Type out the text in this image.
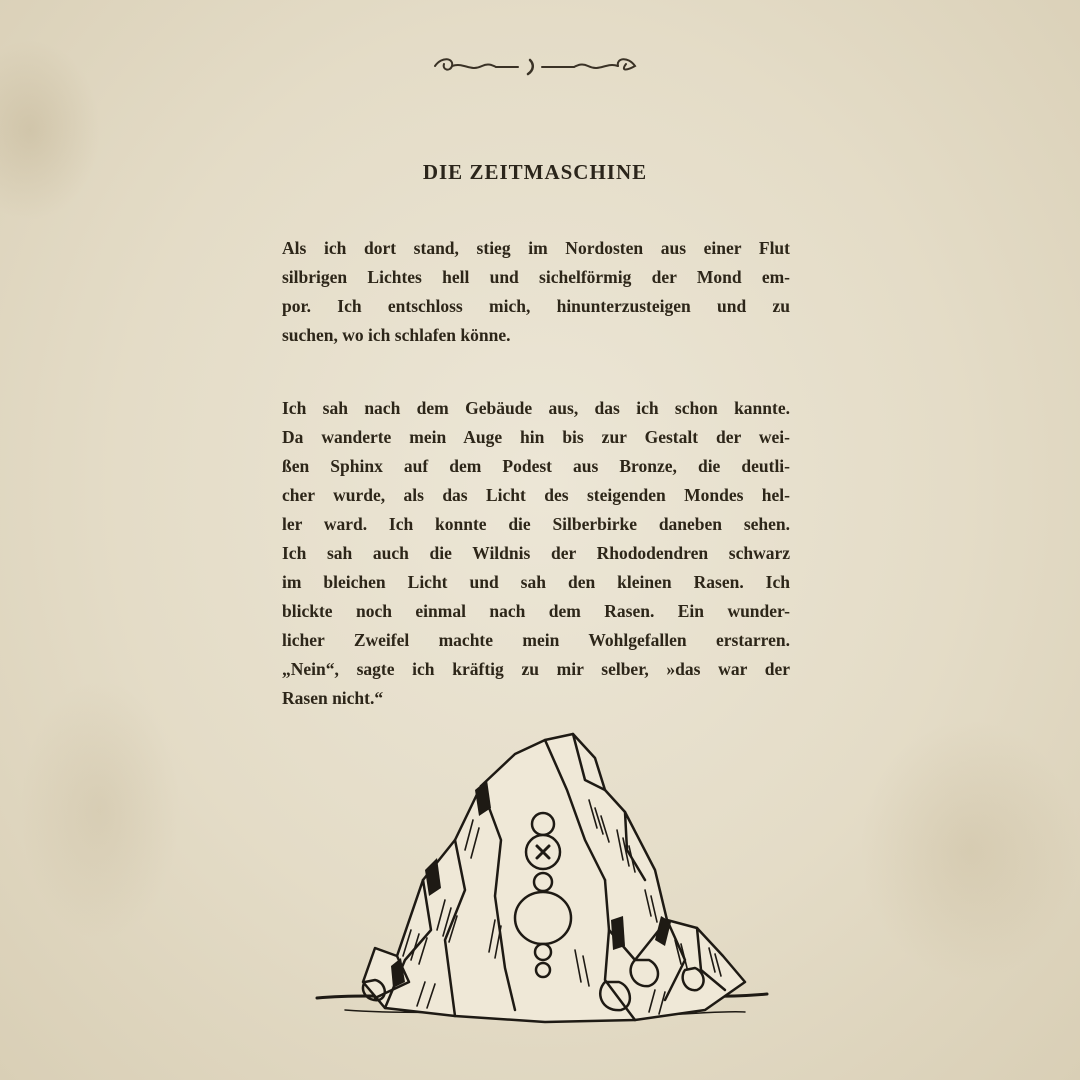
DIE ZEITMASCHINE

Als ich dort stand, stieg im Nordosten aus einer Flut
silbrigen Lichtes hell und sichelförmig der Mond em-
por. Ich entschloss mich, hinunterzusteigen und zu
suchen, wo ich schlafen könne.

Ich sah nach dem Gebäude aus, das ich schon kannte.
Da wanderte mein Auge hin bis zur Gestalt der wei-
ßen Sphinx auf dem Podest aus Bronze, die deutli-
cher wurde, als das Licht des steigenden Mondes hel-
ler ward. Ich konnte die Silberbirke daneben sehen.
Ich sah auch die Wildnis der Rhododendren schwarz
im bleichen Licht und sah den kleinen Rasen. Ich
blickte noch einmal nach dem Rasen. Ein wunder-
licher Zweifel machte mein Wohlgefallen erstarren.
„Nein“, sagte ich kräftig zu mir selber, »das war der
Rasen nicht.“
